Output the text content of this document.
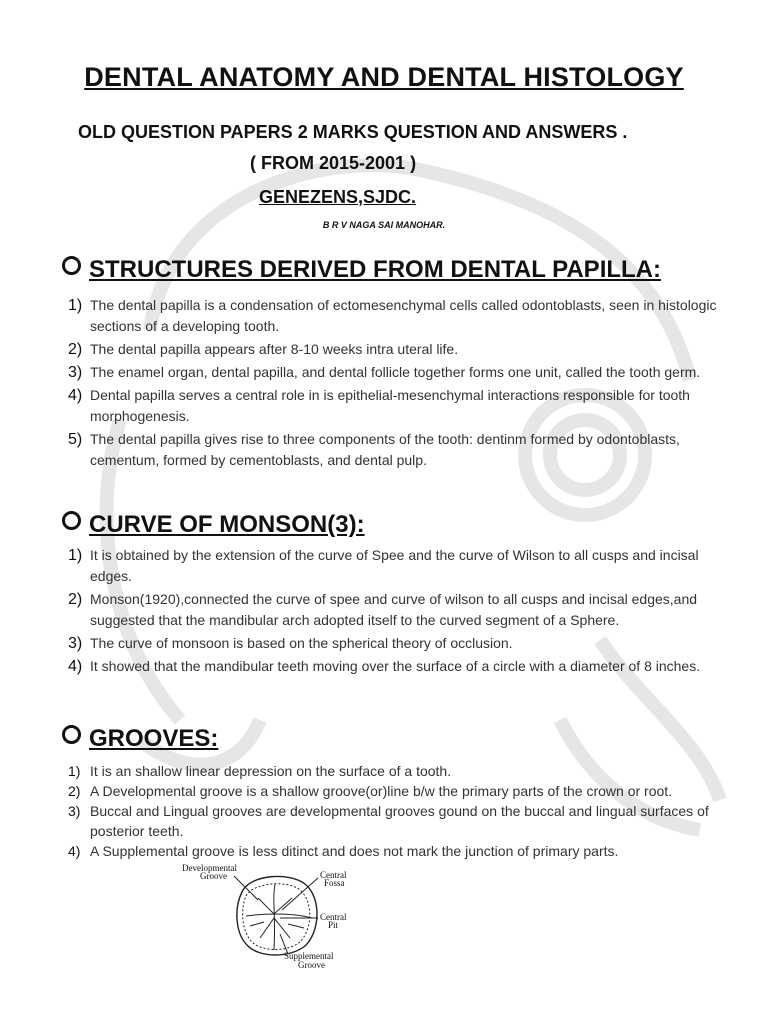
DENTAL ANATOMY AND DENTAL HISTOLOGY
OLD QUESTION PAPERS 2 MARKS QUESTION AND ANSWERS .
( FROM 2015-2001 )
GENEZENS,SJDC.
B R V NAGA SAI MANOHAR.
STRUCTURES DERIVED FROM DENTAL PAPILLA:
1) The dental papilla is a condensation of ectomesenchymal cells called odontoblasts, seen in histologic sections of a developing tooth.
2) The dental papilla appears after 8-10 weeks intra uteral life.
3) The enamel organ, dental papilla, and dental follicle together forms one unit, called the tooth germ.
4) Dental papilla serves a central role in is epithelial-mesenchymal interactions responsible for tooth morphogenesis.
5) The dental papilla gives rise to three components of the tooth: dentinm formed by odontoblasts, cementum, formed by cementoblasts, and dental pulp.
CURVE OF MONSON(3):
1) It is obtained by the extension of the curve of Spee and the curve of Wilson to all cusps and incisal edges.
2) Monson(1920),connected the curve of spee and curve of wilson to all cusps and incisal edges,and suggested that the mandibular arch adopted itself to the curved segment of a Sphere.
3) The curve of monsoon is based on the spherical theory of occlusion.
4) It showed that the mandibular teeth moving over the surface of a circle with a diameter of 8 inches.
GROOVES:
1) It is an shallow linear depression on the surface of a tooth.
2) A Developmental groove is a shallow groove(or)line b/w the primary parts of the crown or root.
3) Buccal and Lingual grooves are developmental grooves gound on the buccal and lingual surfaces of posterior teeth.
4) A Supplemental groove is less ditinct and does not mark the junction of primary parts.
Developmental
Groove	Central
Fossa
Central
Pit
Supplemental
Groove
